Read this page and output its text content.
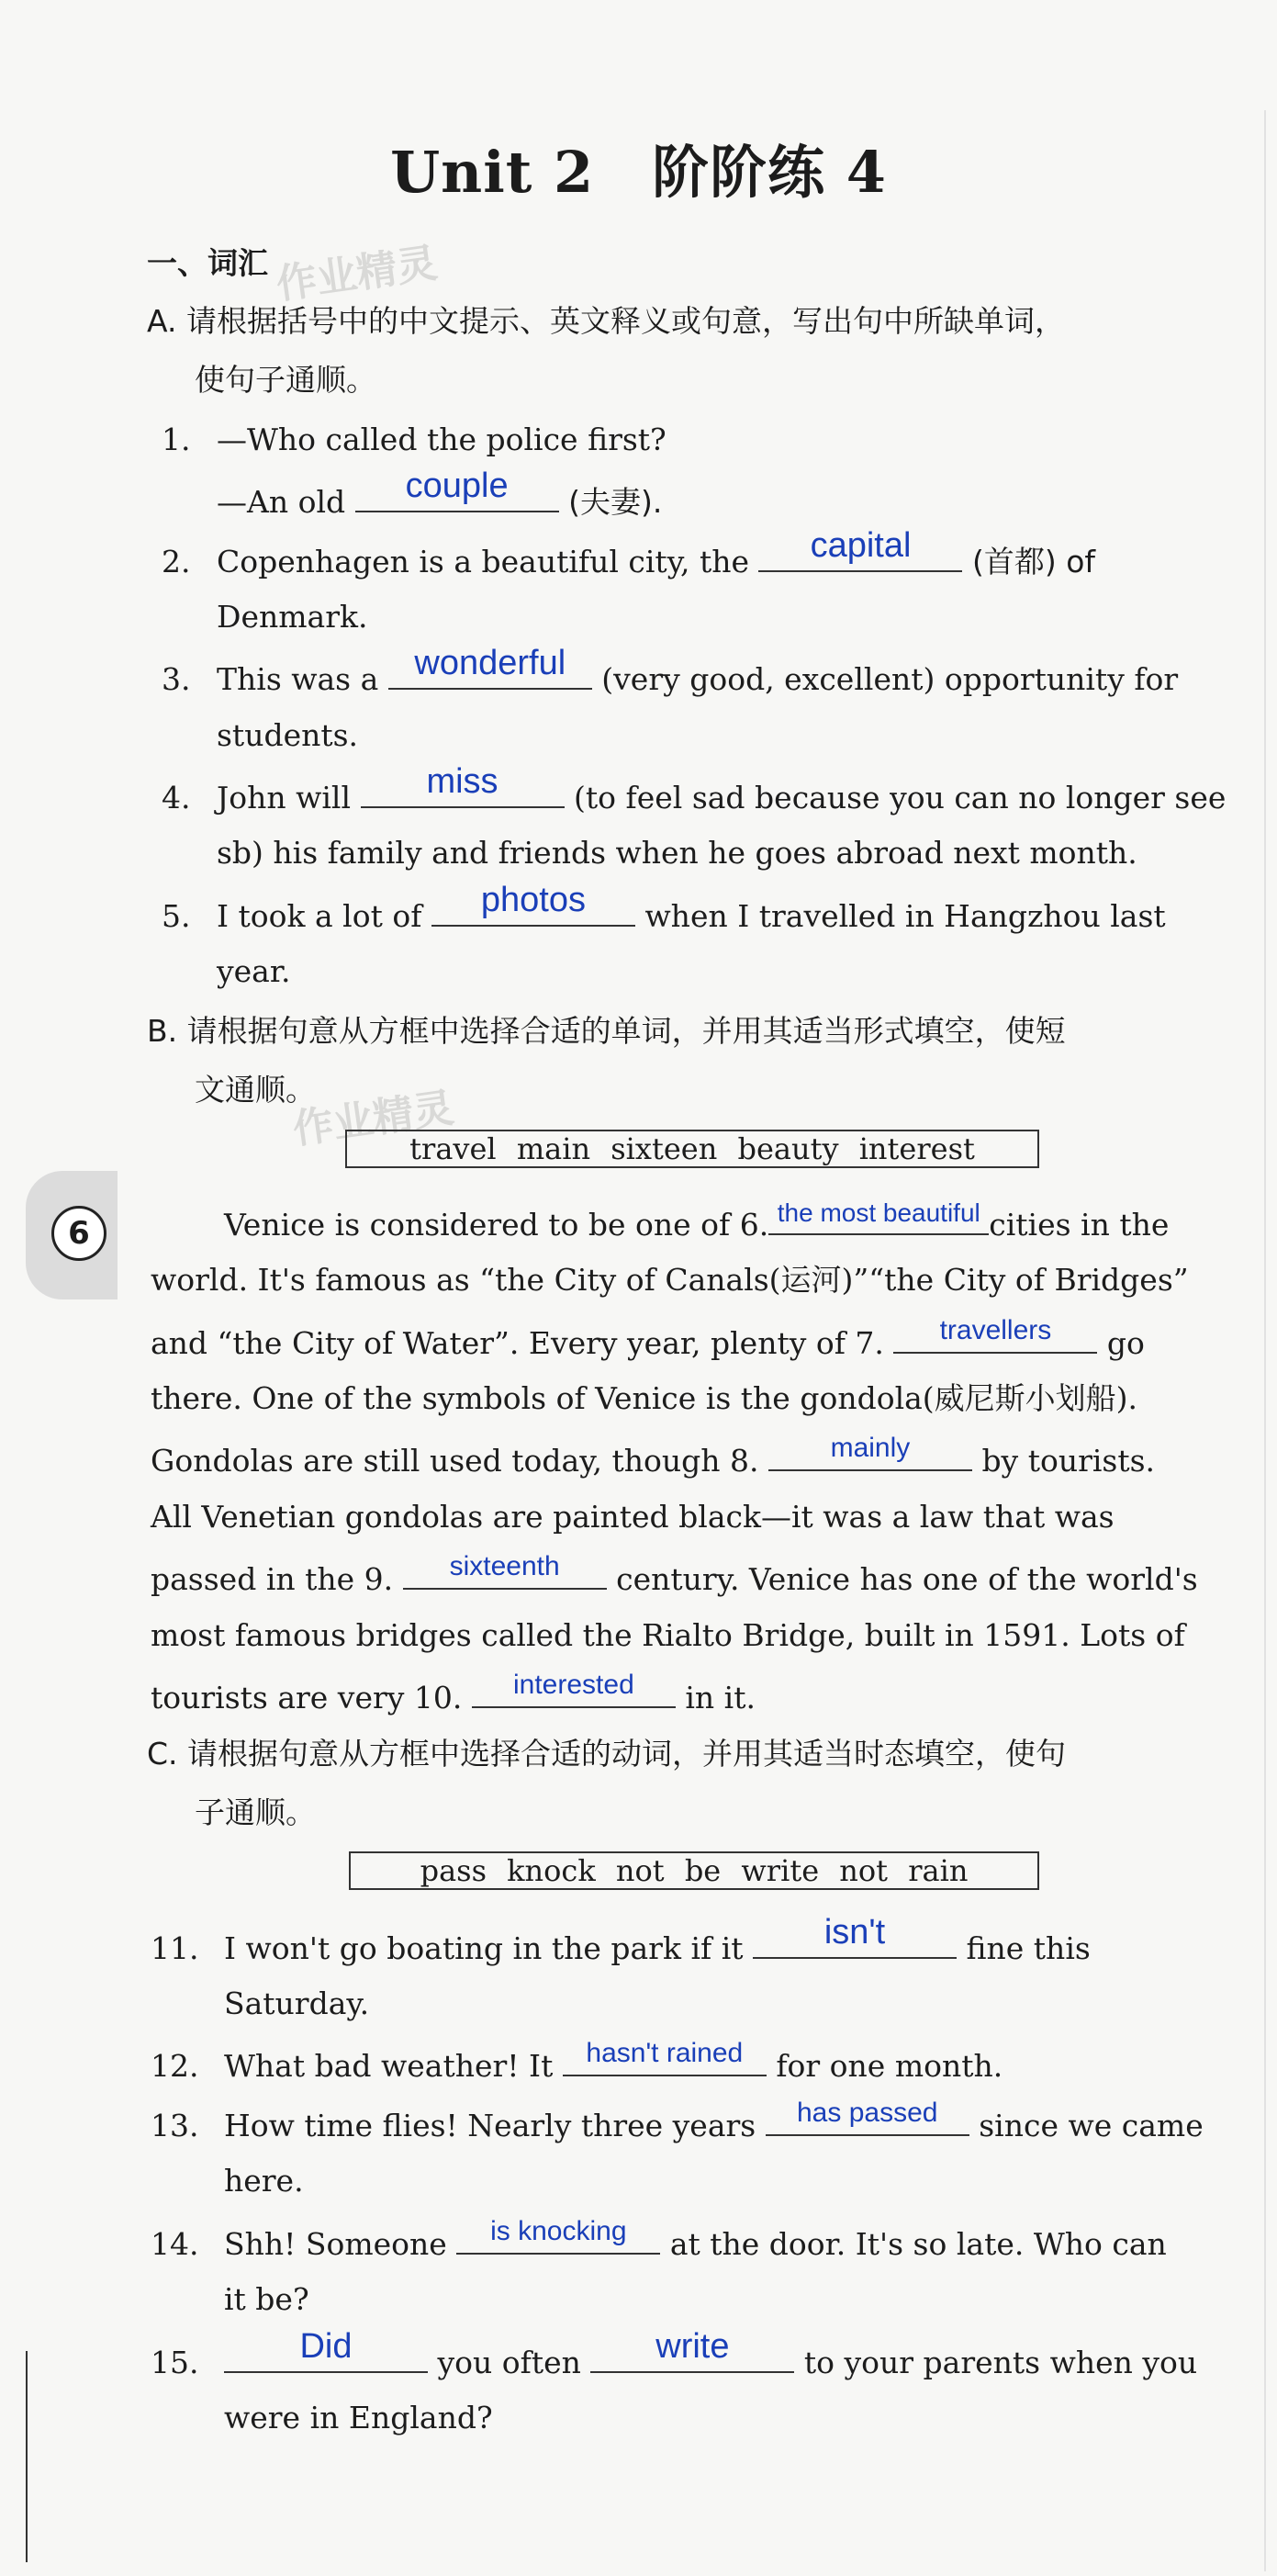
Unit 2　阶阶练 4
作业精灵
作业精灵
6
一、词汇
A. 请根据括号中的中文提示、英文释义或句意，写出句中所缺单词，
使句子通顺。
1. —Who called the police first?
—An old	couple	(夫妻).
2. Copenhagen is a beautiful city, the	capital	(首都) of
Denmark.
3. This was a	wonderful	(very good, excellent) opportunity for
students.
4. John will	miss	(to feel sad because you can no longer see
sb) his family and friends when he goes abroad next month.
5. I took a lot of	photos	when I travelled in Hangzhou last
year.
B. 请根据句意从方框中选择合适的单词，并用其适当形式填空，使短
文通顺。
travel main sixteen beauty interest
Venice is considered to be one of 6. the most beautiful cities in the
world. It's famous as “the City of Canals(运河)”“the City of Bridges”
and “the City of Water”. Every year, plenty of 7.	travellers	go
there. One of the symbols of Venice is the gondola(威尼斯小划船).
Gondolas are still used today, though 8.	mainly	by tourists.
All Venetian gondolas are painted black—it was a law that was
passed in the 9.	sixteenth	century. Venice has one of the world's
most famous bridges called the Rialto Bridge, built in 1591. Lots of
tourists are very 10.	interested	in it.
C. 请根据句意从方框中选择合适的动词，并用其适当时态填空，使句
子通顺。
pass knock not be write not rain
11. I won't go boating in the park if it	isn't	fine this
Saturday.
12. What bad weather! It	hasn't rained	for one month.
13. How time flies! Nearly three years	has passed	since we came
here.
14. Shh! Someone	is knocking	at the door. It's so late. Who can
it be?
15.	Did	you often	write	to your parents when you
were in England?
